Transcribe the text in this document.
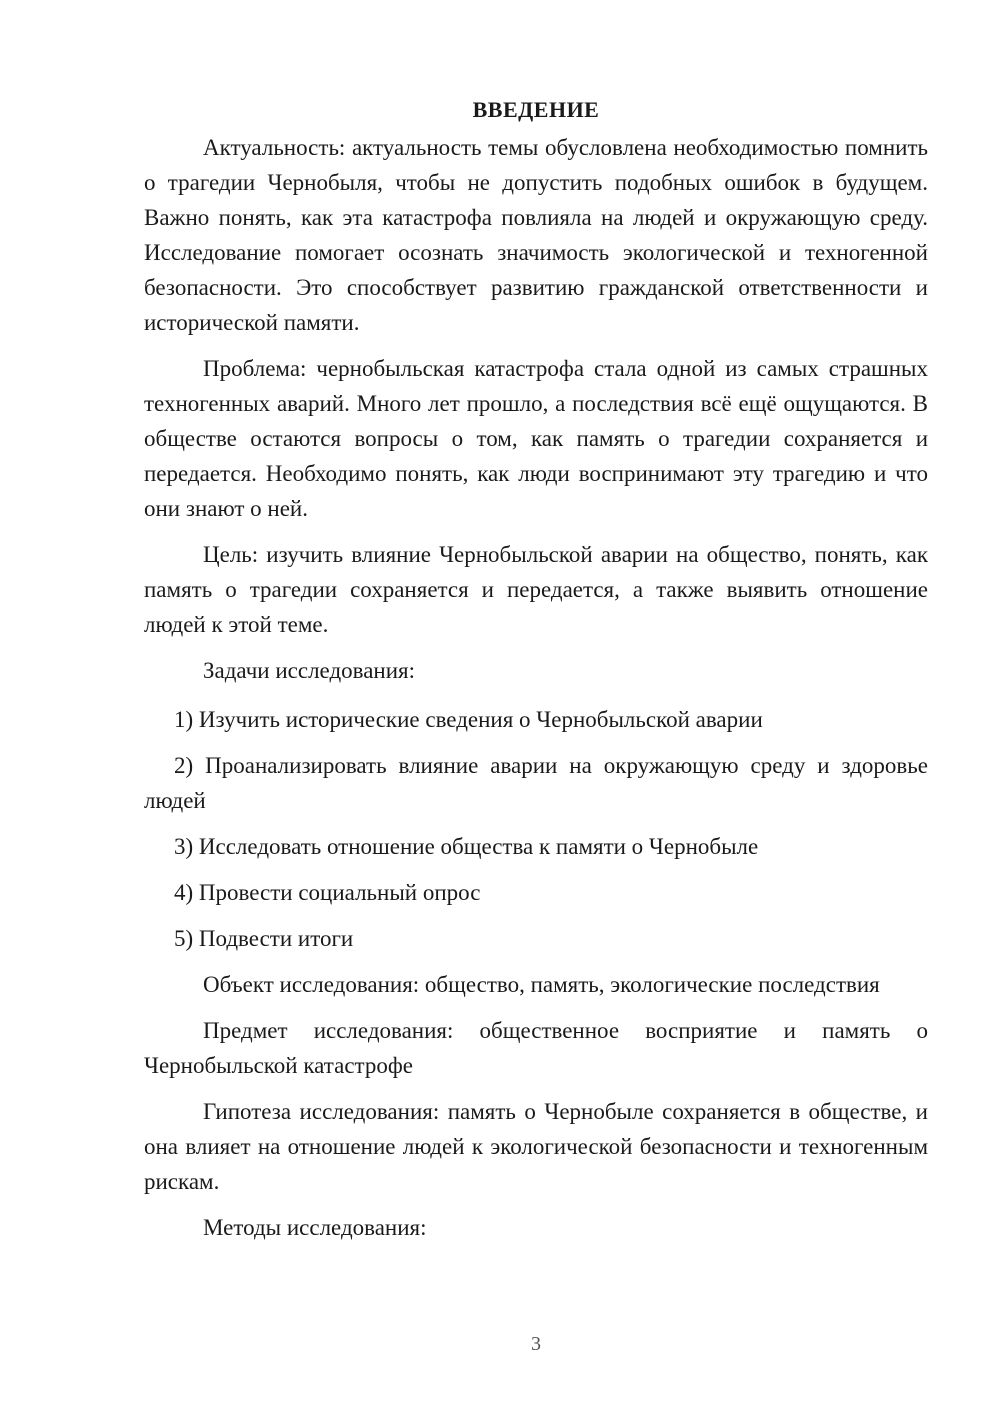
ВВЕДЕНИЕ

Актуальность: актуальность темы обусловлена необходимостью помнить о трагедии Чернобыля, чтобы не допустить подобных ошибок в будущем. Важно понять, как эта катастрофа повлияла на людей и окружающую среду. Исследование помогает осознать значимость экологической и техногенной безопасности. Это способствует развитию гражданской ответственности и исторической памяти.

Проблема: чернобыльская катастрофа стала одной из самых страшных техногенных аварий. Много лет прошло, а последствия всё ещё ощущаются. В обществе остаются вопросы о том, как память о трагедии сохраняется и передается. Необходимо понять, как люди воспринимают эту трагедию и что они знают о ней.

Цель: изучить влияние Чернобыльской аварии на общество, понять, как память о трагедии сохраняется и передается, а также выявить отношение людей к этой теме.

Задачи исследования:

1) Изучить исторические сведения о Чернобыльской аварии

2) Проанализировать влияние аварии на окружающую среду и здоровье людей

3) Исследовать отношение общества к памяти о Чернобыле

4) Провести социальный опрос

5) Подвести итоги

Объект исследования: общество, память, экологические последствия

Предмет исследования: общественное восприятие и память о Чернобыльской катастрофе

Гипотеза исследования: память о Чернобыле сохраняется в обществе, и она влияет на отношение людей к экологической безопасности и техногенным рискам.

Методы исследования:

3
